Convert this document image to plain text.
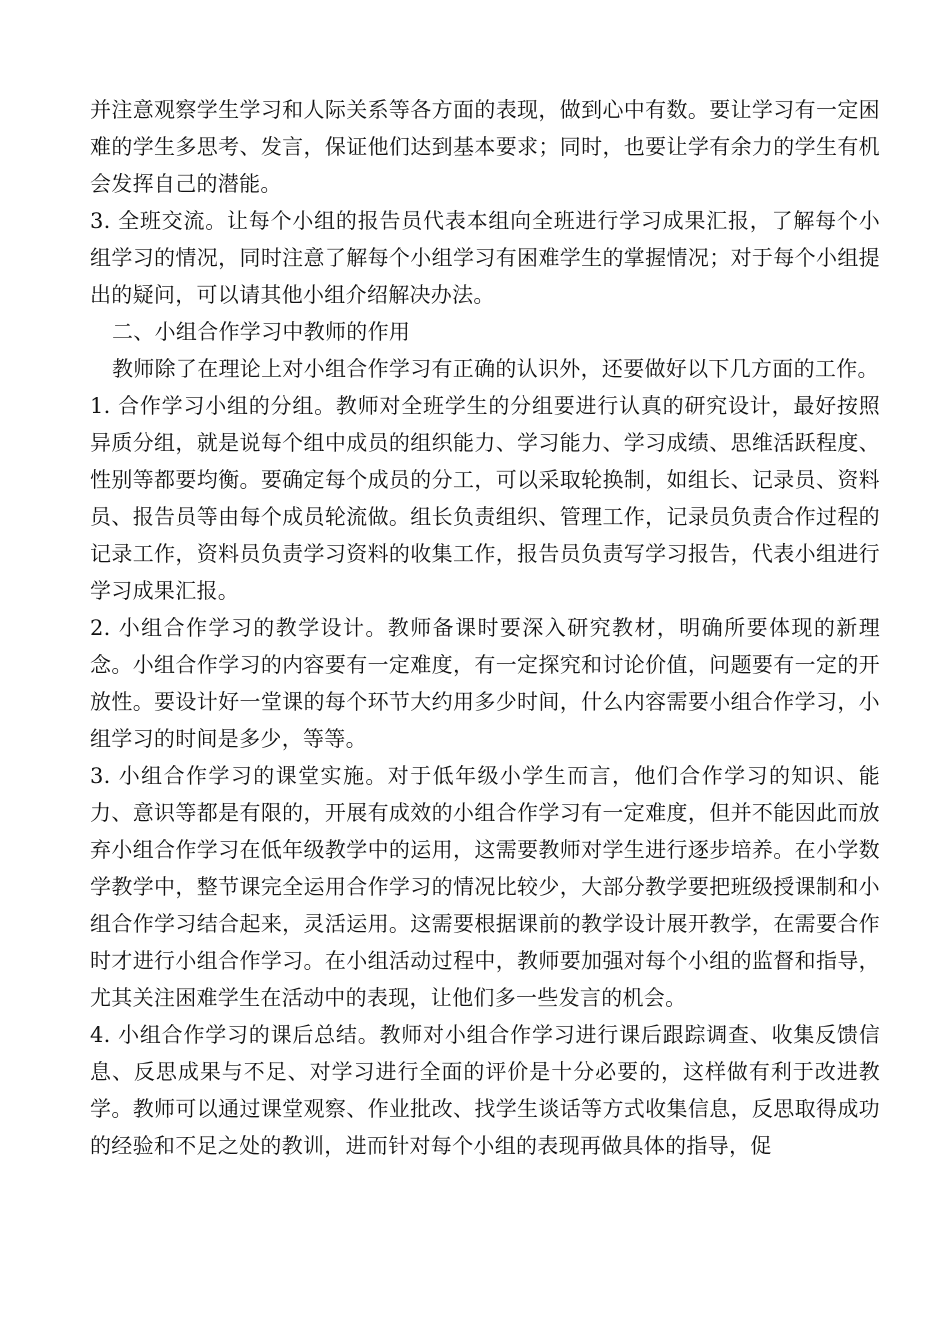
并注意观察学生学习和人际关系等各方面的表现，做到心中有数。要让学习有一定困难的学生多思考、发言，保证他们达到基本要求；同时，也要让学有余力的学生有机会发挥自己的潜能。

3. 全班交流。让每个小组的报告员代表本组向全班进行学习成果汇报，了解每个小组学习的情况，同时注意了解每个小组学习有困难学生的掌握情况；对于每个小组提出的疑问，可以请其他小组介绍解决办法。

二、小组合作学习中教师的作用

教师除了在理论上对小组合作学习有正确的认识外，还要做好以下几方面的工作。

1. 合作学习小组的分组。教师对全班学生的分组要进行认真的研究设计，最好按照异质分组，就是说每个组中成员的组织能力、学习能力、学习成绩、思维活跃程度、性别等都要均衡。要确定每个成员的分工，可以采取轮换制，如组长、记录员、资料员、报告员等由每个成员轮流做。组长负责组织、管理工作，记录员负责合作过程的记录工作，资料员负责学习资料的收集工作，报告员负责写学习报告，代表小组进行学习成果汇报。

2. 小组合作学习的教学设计。教师备课时要深入研究教材，明确所要体现的新理念。小组合作学习的内容要有一定难度，有一定探究和讨论价值，问题要有一定的开放性。要设计好一堂课的每个环节大约用多少时间，什么内容需要小组合作学习，小组学习的时间是多少，等等。

3. 小组合作学习的课堂实施。对于低年级小学生而言，他们合作学习的知识、能力、意识等都是有限的，开展有成效的小组合作学习有一定难度，但并不能因此而放弃小组合作学习在低年级教学中的运用，这需要教师对学生进行逐步培养。在小学数学教学中，整节课完全运用合作学习的情况比较少，大部分教学要把班级授课制和小组合作学习结合起来，灵活运用。这需要根据课前的教学设计展开教学，在需要合作时才进行小组合作学习。在小组活动过程中，教师要加强对每个小组的监督和指导，尤其关注困难学生在活动中的表现，让他们多一些发言的机会。

4. 小组合作学习的课后总结。教师对小组合作学习进行课后跟踪调查、收集反馈信息、反思成果与不足、对学习进行全面的评价是十分必要的，这样做有利于改进教学。教师可以通过课堂观察、作业批改、找学生谈话等方式收集信息，反思取得成功的经验和不足之处的教训，进而针对每个小组的表现再做具体的指导，促
